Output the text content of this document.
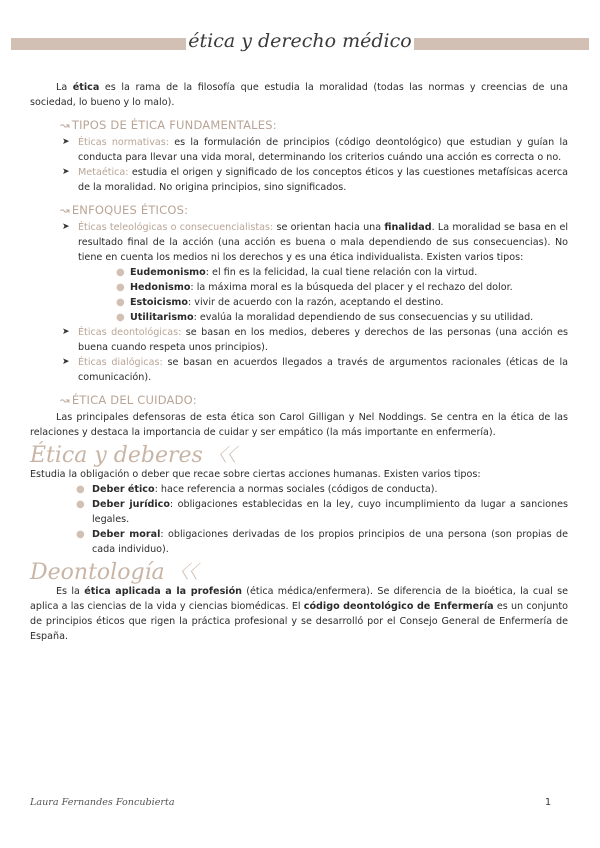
ética y derecho médico

La ética es la rama de la filosofía que estudia la moralidad (todas las normas y creencias de una sociedad, lo bueno y lo malo).

↝ TIPOS DE ÉTICA FUNDAMENTALES:

➤ Éticas normativas: es la formulación de principios (código deontológico) que estudian y guían la conducta para llevar una vida moral, determinando los criterios cuándo una acción es correcta o no.

➤ Metaética: estudia el origen y significado de los conceptos éticos y las cuestiones metafísicas acerca de la moralidad. No origina principios, sino significados.

↝ ENFOQUES ÉTICOS:

➤ Éticas teleológicas o consecuencialistas: se orientan hacia una finalidad. La moralidad se basa en el resultado final de la acción (una acción es buena o mala dependiendo de sus consecuencias). No tiene en cuenta los medios ni los derechos y es una ética individualista. Existen varios tipos:

● Eudemonismo: el fin es la felicidad, la cual tiene relación con la virtud.

● Hedonismo: la máxima moral es la búsqueda del placer y el rechazo del dolor.

● Estoicismo: vivir de acuerdo con la razón, aceptando el destino.

● Utilitarismo: evalúa la moralidad dependiendo de sus consecuencias y su utilidad.

➤ Éticas deontológicas: se basan en los medios, deberes y derechos de las personas (una acción es buena cuando respeta unos principios).

➤ Éticas dialógicas: se basan en acuerdos llegados a través de argumentos racionales (éticas de la comunicación).

↝ ÉTICA DEL CUIDADO:

Las principales defensoras de esta ética son Carol Gilligan y Nel Noddings. Se centra en la ética de las relaciones y destaca la importancia de cuidar y ser empático (la más importante en enfermería).

Ética y deberes 〈〈

Estudia la obligación o deber que recae sobre ciertas acciones humanas. Existen varios tipos:

● Deber ético: hace referencia a normas sociales (códigos de conducta).

● Deber jurídico: obligaciones establecidas en la ley, cuyo incumplimiento da lugar a sanciones legales.

● Deber moral: obligaciones derivadas de los propios principios de una persona (son propias de cada individuo).

Deontología 〈〈

Es la ética aplicada a la profesión (ética médica/enfermera). Se diferencia de la bioética, la cual se aplica a las ciencias de la vida y ciencias biomédicas. El código deontológico de Enfermería es un conjunto de principios éticos que rigen la práctica profesional y se desarrolló por el Consejo General de Enfermería de España.

Laura Fernandes Foncubierta	1
